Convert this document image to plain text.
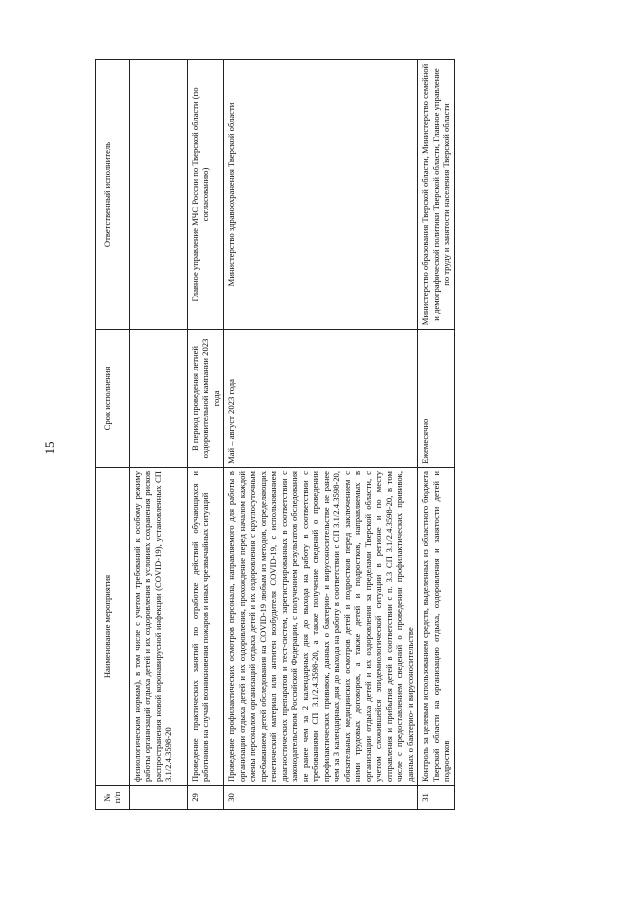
15
№ п/п	Наименование мероприятия	Срок исполнения	Ответственный исполнитель
	физиологическим нормам), в том числе с учетом требований к особому режиму работы организаций отдыха детей и их оздоровления в условиях сохранения рисков распространения новой коронавирусной инфекции (COVID-19), установленных СП 3.1/2.4.3598-20		
29	Проведение практических занятий по отработке действий обучающихся и работников на случай возникновения пожаров и иных чрезвычайных ситуаций	В период проведения летней оздоровительной кампании 2023 года	Главное управление МЧС России по Тверской области (по согласованию)
30	Проведение профилактических осмотров персонала, направляемого для работы в организации отдыха детей и их оздоровления, прохождение перед началом каждой смены персоналом организаций отдыха детей и их оздоровления с круглосуточным пребыванием детей обследования на COVID-19 любым из методов, определяющих генетический материал или антиген возбудителя COVID-19, с использованием диагностических препаратов и тест-систем, зарегистрированных в соответствии с законодательством Российской Федерации, с получением результатов обследования не ранее чем за 2 календарных дня до выхода на работу в соответствии с требованиями СП 3.1/2.4.3598-20, а также получение сведений о проведении профилактических прививок, данных о бактерио- и вирусоносительстве не ранее чем за 3 календарных дня до выхода на работу в соответствии с СП 3.1/2.4.3598-20, обязательных медицинских осмотров детей и подростков перед заключением с ними трудовых договоров, а также детей и подростков, направляемых в организации отдыха детей и их оздоровления за пределами Тверской области, с учетом сложившейся эпидемиологической ситуации в регионе и по месту отправления и прибытия детей в соответствии с п. 3.3 СП 3.1/2.4.3598-20, в том числе с предоставлением сведений о проведении профилактических прививок, данных о бактерио- и вирусоносительстве	Май – август 2023 года	Министерство здравоохранения Тверской области
31	Контроль за целевым использованием средств, выделенных из областного бюджета Тверской области на организацию отдыха, оздоровления и занятости детей и подростков	Ежемесячно	Министерство образования Тверской области, Министерство семейной и демографической политики Тверской области, Главное управление по труду и занятости населения Тверской области
